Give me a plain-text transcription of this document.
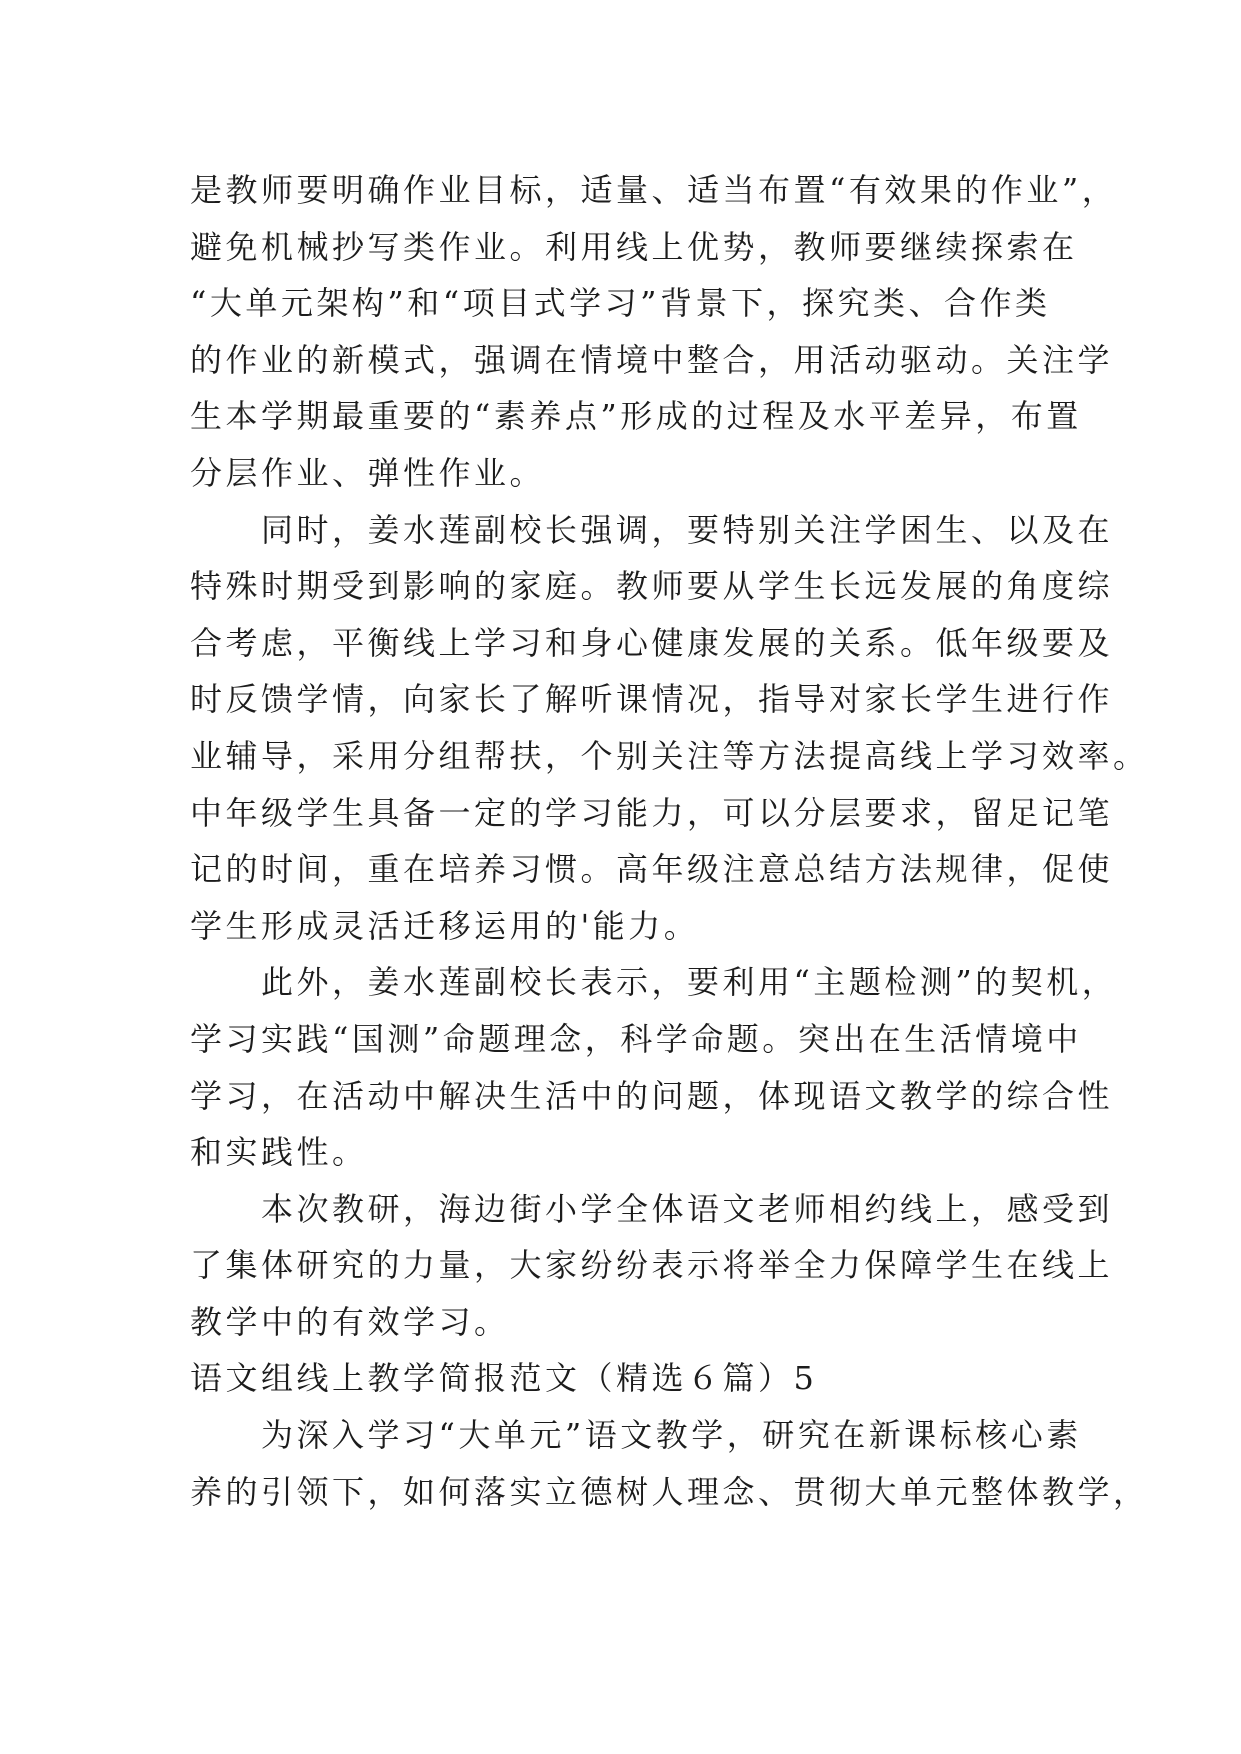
是教师要明确作业目标，适量、适当布置“有效果的作业”，
避免机械抄写类作业。利用线上优势，教师要继续探索在
“大单元架构”和“项目式学习”背景下，探究类、合作类
的作业的新模式，强调在情境中整合，用活动驱动。关注学
生本学期最重要的“素养点”形成的过程及水平差异，布置
分层作业、弹性作业。
　　同时，姜水莲副校长强调，要特别关注学困生、以及在
特殊时期受到影响的家庭。教师要从学生长远发展的角度综
合考虑，平衡线上学习和身心健康发展的关系。低年级要及
时反馈学情，向家长了解听课情况，指导对家长学生进行作
业辅导，采用分组帮扶，个别关注等方法提高线上学习效率。
中年级学生具备一定的学习能力，可以分层要求，留足记笔
记的时间，重在培养习惯。高年级注意总结方法规律，促使
学生形成灵活迁移运用的'能力。
　　此外，姜水莲副校长表示，要利用“主题检测”的契机，
学习实践“国测”命题理念，科学命题。突出在生活情境中
学习，在活动中解决生活中的问题，体现语文教学的综合性
和实践性。
　　本次教研，海边街小学全体语文老师相约线上，感受到
了集体研究的力量，大家纷纷表示将举全力保障学生在线上
教学中的有效学习。
语文组线上教学简报范文（精选６篇）5
　　为深入学习“大单元”语文教学，研究在新课标核心素
养的引领下，如何落实立德树人理念、贯彻大单元整体教学，
